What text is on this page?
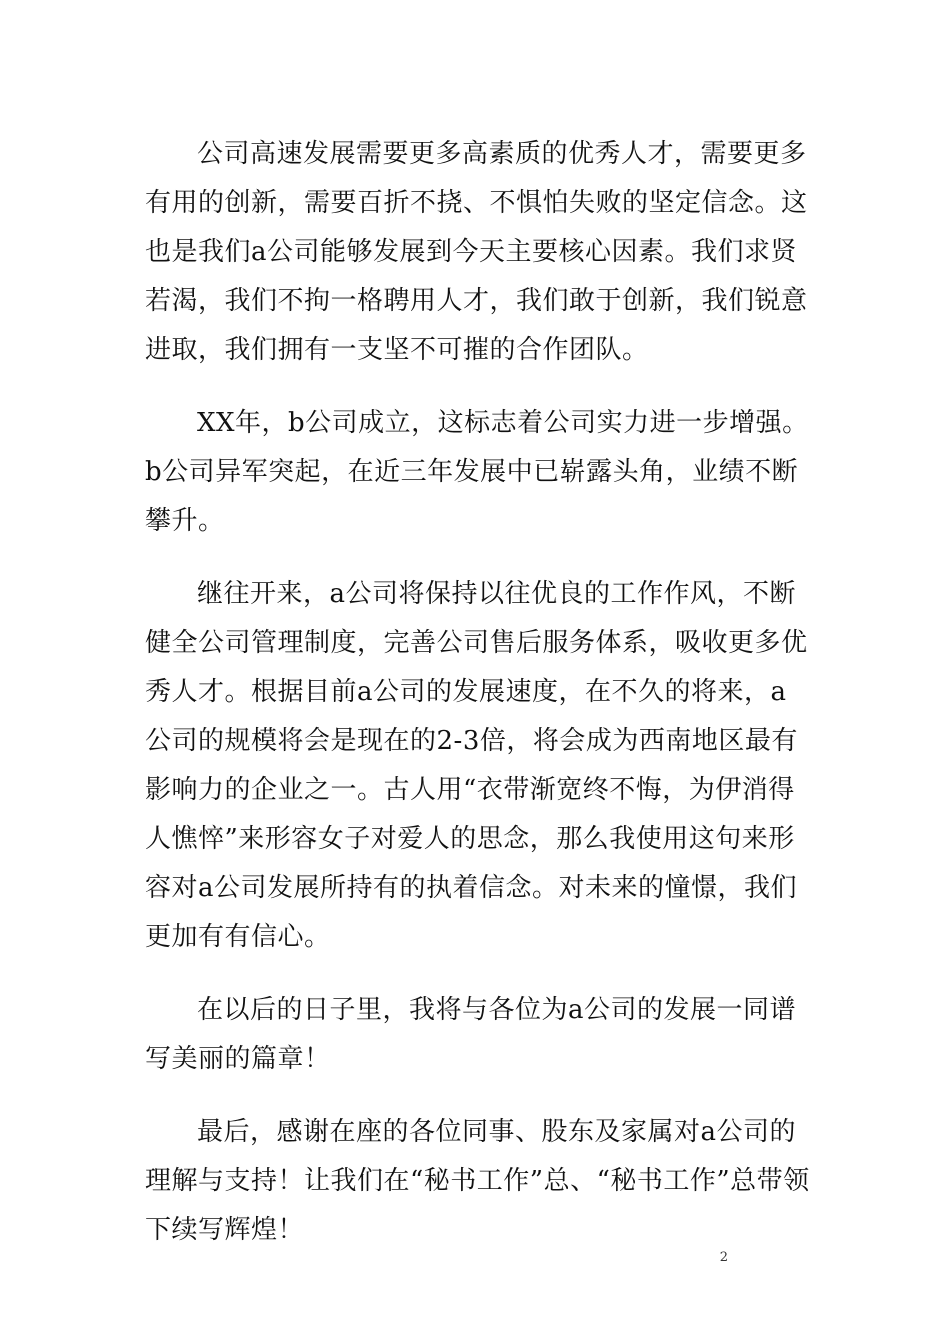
公司高速发展需要更多高素质的优秀人才，需要更多有用的创新，需要百折不挠、不惧怕失败的坚定信念。这也是我们a公司能够发展到今天主要核心因素。我们求贤若渴，我们不拘一格聘用人才，我们敢于创新，我们锐意进取，我们拥有一支坚不可摧的合作团队。

XX年，b公司成立，这标志着公司实力进一步增强。b公司异军突起，在近三年发展中已崭露头角，业绩不断攀升。

继往开来，a公司将保持以往优良的工作作风，不断健全公司管理制度，完善公司售后服务体系，吸收更多优秀人才。根据目前a公司的发展速度，在不久的将来，a公司的规模将会是现在的2-3倍，将会成为西南地区最有影响力的企业之一。古人用“衣带渐宽终不悔，为伊消得人憔悴”来形容女子对爱人的思念，那么我使用这句来形容对a公司发展所持有的执着信念。对未来的憧憬，我们更加有有信心。

在以后的日子里，我将与各位为a公司的发展一同谱写美丽的篇章！

最后，感谢在座的各位同事、股东及家属对a公司的理解与支持！让我们在“秘书工作”总、“秘书工作”总带领下续写辉煌！

2
